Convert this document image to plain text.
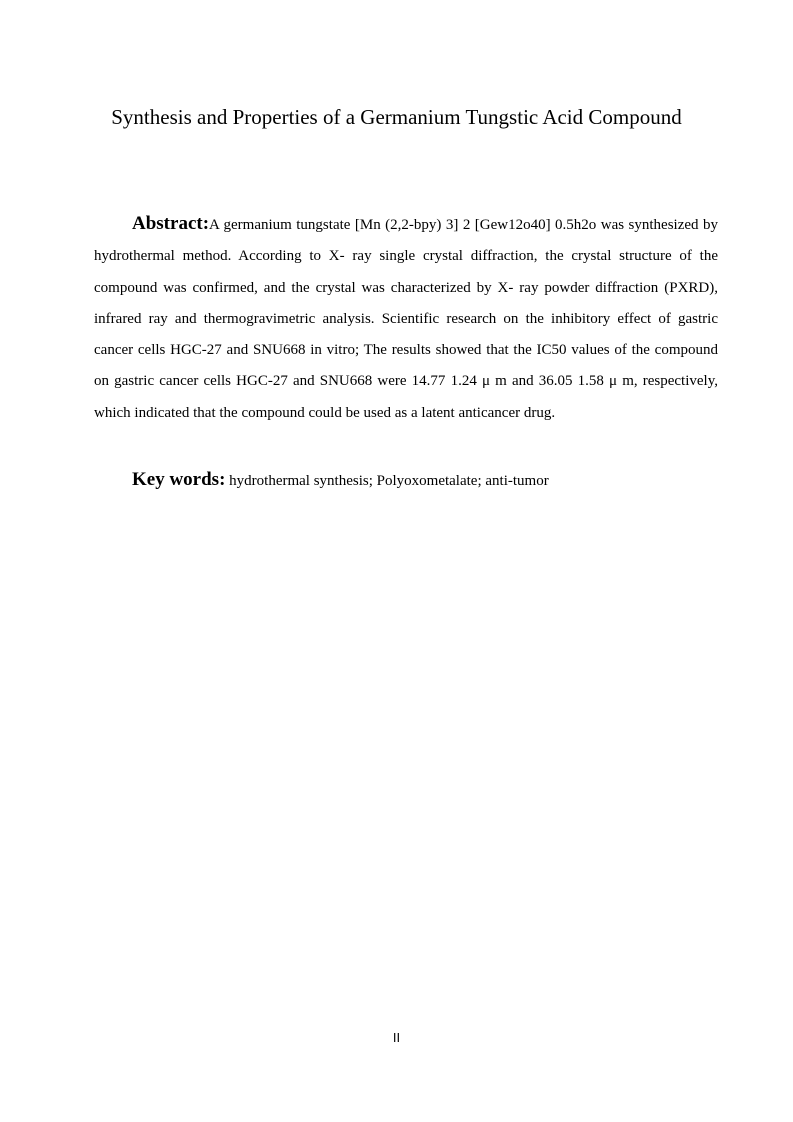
Synthesis and Properties of a Germanium Tungstic Acid Compound

Abstract:A germanium tungstate [Mn (2,2-bpy) 3] 2 [Gew12o40] 0.5h2o was synthesized by hydrothermal method. According to X- ray single crystal diffraction, the crystal structure of the compound was confirmed, and the crystal was characterized by X- ray powder diffraction (PXRD), infrared ray and thermogravimetric analysis. Scientific research on the inhibitory effect of gastric cancer cells HGC-27 and SNU668 in vitro; The results showed that the IC50 values of the compound on gastric cancer cells HGC-27 and SNU668 were 14.77 1.24 μ m and 36.05 1.58 μ m, respectively, which indicated that the compound could be used as a latent anticancer drug.

Key words: hydrothermal synthesis; Polyoxometalate; anti-tumor

II
